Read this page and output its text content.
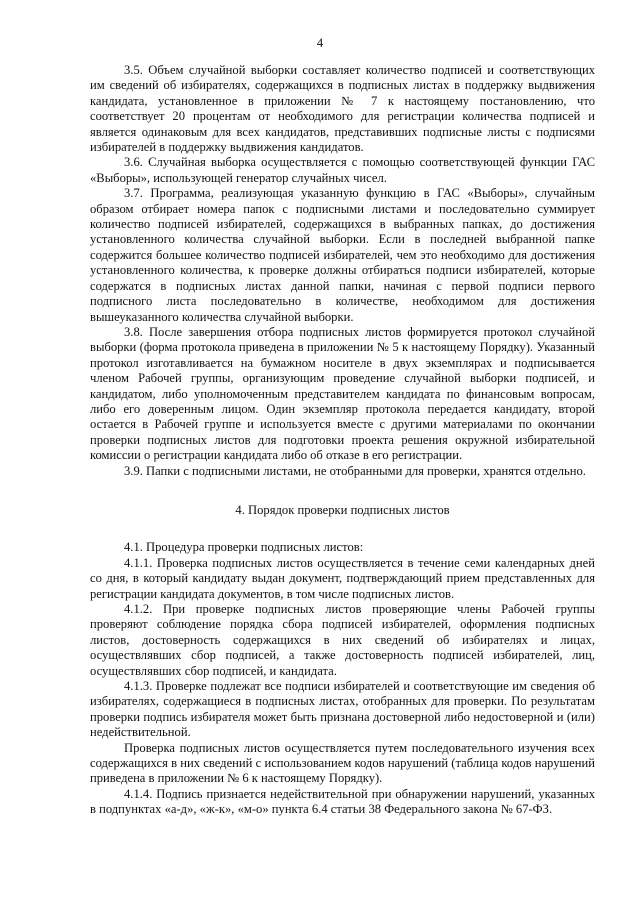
4

3.5. Объем случайной выборки составляет количество подписей и соответствующих им сведений об избирателях, содержащихся в подписных листах в поддержку выдвижения кандидата, установленное в приложении № 7 к настоящему постановлению, что соответствует 20 процентам от необходимого для регистрации количества подписей и является одинаковым для всех кандидатов, представивших подписные листы с подписями избирателей в поддержку выдвижения кандидатов.

3.6. Случайная выборка осуществляется с помощью соответствующей функции ГАС «Выборы», использующей генератор случайных чисел.

3.7. Программа, реализующая указанную функцию в ГАС «Выборы», случайным образом отбирает номера папок с подписными листами и последовательно суммирует количество подписей избирателей, содержащихся в выбранных папках, до достижения установленного количества случайной выборки. Если в последней выбранной папке содержится большее количество подписей избирателей, чем это необходимо для достижения установленного количества, к проверке должны отбираться подписи избирателей, которые содержатся в подписных листах данной папки, начиная с первой подписи первого подписного листа последовательно в количестве, необходимом для достижения вышеуказанного количества случайной выборки.

3.8. После завершения отбора подписных листов формируется протокол случайной выборки (форма протокола приведена в приложении № 5 к настоящему Порядку). Указанный протокол изготавливается на бумажном носителе в двух экземплярах и подписывается членом Рабочей группы, организующим проведение случайной выборки подписей, и кандидатом, либо уполномоченным представителем кандидата по финансовым вопросам, либо его доверенным лицом. Один экземпляр протокола передается кандидату, второй остается в Рабочей группе и используется вместе с другими материалами по окончании проверки подписных листов для подготовки проекта решения окружной избирательной комиссии о регистрации кандидата либо об отказе в его регистрации.

3.9. Папки с подписными листами, не отобранными для проверки, хранятся отдельно.

4. Порядок проверки подписных листов

4.1. Процедура проверки подписных листов:

4.1.1. Проверка подписных листов осуществляется в течение семи календарных дней со дня, в который кандидату выдан документ, подтверждающий прием представленных для регистрации кандидата документов, в том числе подписных листов.

4.1.2. При проверке подписных листов проверяющие члены Рабочей группы проверяют соблюдение порядка сбора подписей избирателей, оформления подписных листов, достоверность содержащихся в них сведений об избирателях и лицах, осуществлявших сбор подписей, а также достоверность подписей избирателей, лиц, осуществлявших сбор подписей, и кандидата.

4.1.3. Проверке подлежат все подписи избирателей и соответствующие им сведения об избирателях, содержащиеся в подписных листах, отобранных для проверки. По результатам проверки подпись избирателя может быть признана достоверной либо недостоверной и (или) недействительной.

Проверка подписных листов осуществляется путем последовательного изучения всех содержащихся в них сведений с использованием кодов нарушений (таблица кодов нарушений приведена в приложении № 6 к настоящему Порядку).

4.1.4. Подпись признается недействительной при обнаружении нарушений, указанных в подпунктах «а-д», «ж-к», «м-о» пункта 6.4 статьи 38 Федерального закона № 67-ФЗ.
